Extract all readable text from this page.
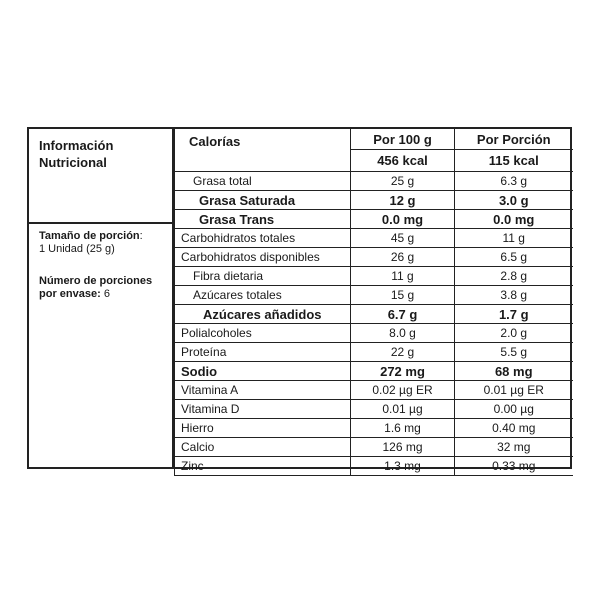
Información
Nutricional
Tamaño de porción:
1 Unidad (25 g)
Número de porciones por envase: 6
Calorías	Por 100 g	Por Porción
	456 kcal	115 kcal
Grasa total	25 g	6.3 g
Grasa Saturada	12 g	3.0 g
Grasa Trans	0.0 mg	0.0 mg
Carbohidratos totales	45 g	11 g
Carbohidratos disponibles	26 g	6.5 g
Fibra dietaria	11 g	2.8 g
Azúcares totales	15 g	3.8 g
Azúcares añadidos	6.7 g	1.7 g
Polialcoholes	8.0 g	2.0 g
Proteína	22 g	5.5 g
Sodio	272 mg	68 mg
Vitamina A	0.02 µg ER	0.01 µg ER
Vitamina D	0.01 µg	0.00 µg
Hierro	1.6 mg	0.40 mg
Calcio	126 mg	32 mg
Zinc	1.3 mg	0.33 mg
